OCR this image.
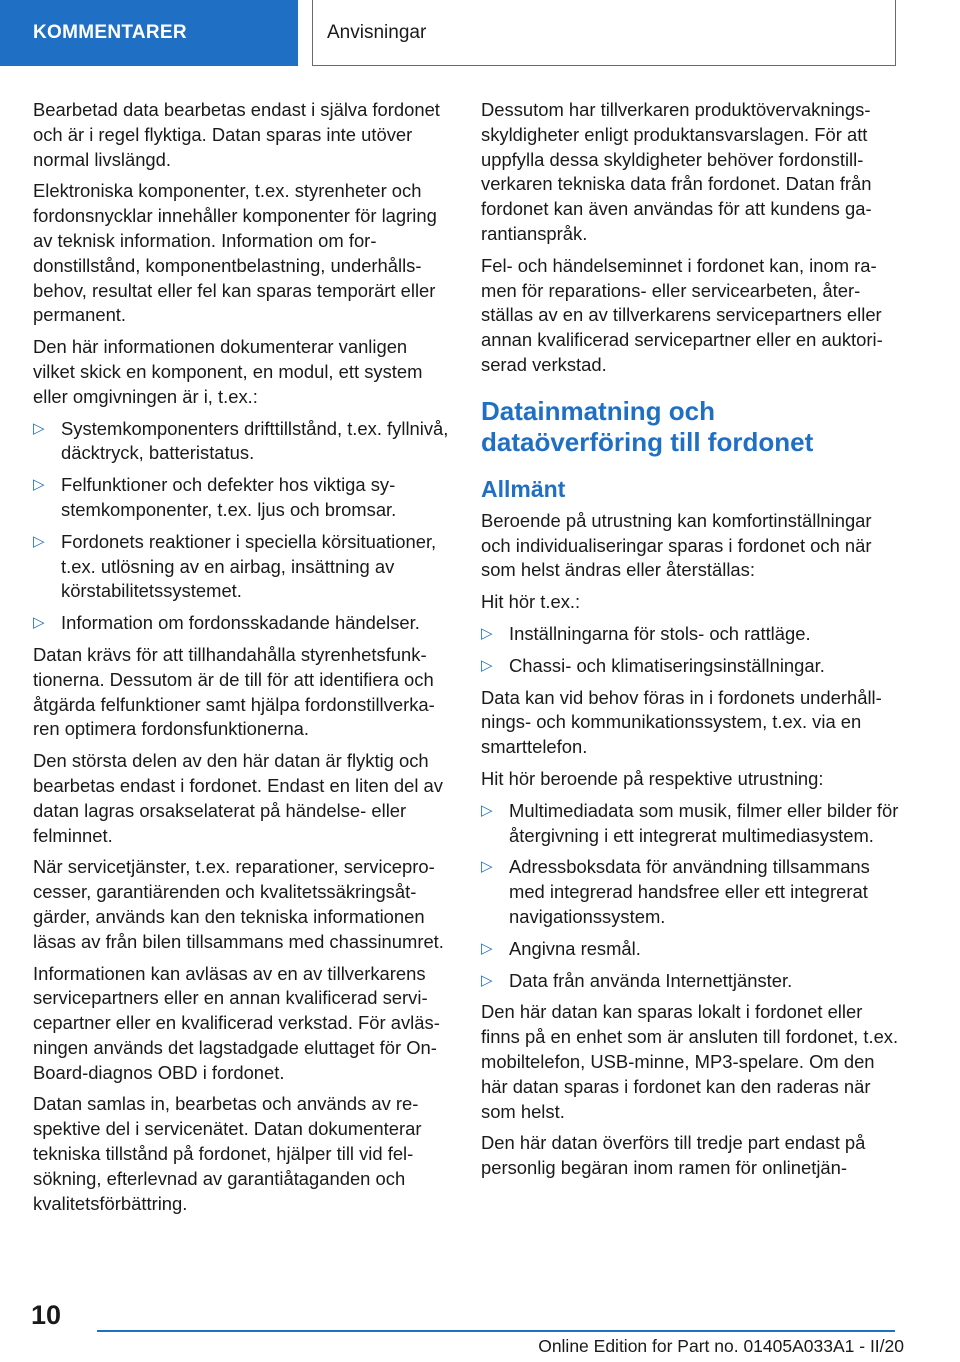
KOMMENTARER	Anvisningar

Bearbetad data bearbetas endast i själva fordonet och är i regel flyktiga. Datan sparas inte utöver normal livslängd.

Elektroniska komponenter, t.ex. styrenheter och fordonsnycklar innehåller komponenter för lagring av teknisk information. Information om fordonstillstånd, komponentbelastning, underhållsbehov, resultat eller fel kan sparas temporärt eller permanent.

Den här informationen dokumenterar vanligen vilket skick en komponent, en modul, ett system eller omgivningen är i, t.ex.:

▷ Systemkomponenters drifttillstånd, t.ex. fyllnivå, däcktryck, batteristatus.
▷ Felfunktioner och defekter hos viktiga systemkomponenter, t.ex. ljus och bromsar.
▷ Fordonets reaktioner i speciella körsituationer, t.ex. utlösning av en airbag, insättning av körstabilitetssystemet.
▷ Information om fordonsskadande händelser.

Datan krävs för att tillhandahålla styrenhetsfunktionerna. Dessutom är de till för att identifiera och åtgärda felfunktioner samt hjälpa fordonstillverkaren optimera fordonsfunktionerna.

Den största delen av den här datan är flyktig och bearbetas endast i fordonet. Endast en liten del av datan lagras orsakselaterat på händelse- eller felminnet.

När servicetjänster, t.ex. reparationer, serviceprocesser, garantiärenden och kvalitetssäkringsåtgärder, används kan den tekniska informationen läsas av från bilen tillsammans med chassinumret.

Informationen kan avläsas av en av tillverkarens servicepartners eller en annan kvalificerad servicepartner eller en kvalificerad verkstad. För avläsningen används det lagstadgade eluttaget för On-Board-diagnos OBD i fordonet.

Datan samlas in, bearbetas och används av respektive del i servicenätet. Datan dokumenterar tekniska tillstånd på fordonet, hjälper till vid felsökning, efterlevnad av garantiåtaganden och kvalitetsförbättring.

Dessutom har tillverkaren produktövervakningsskyldigheter enligt produktansvarslagen. För att uppfylla dessa skyldigheter behöver fordonstillverkaren tekniska data från fordonet. Datan från fordonet kan även användas för att kundens garantianspråk.

Fel- och händelseminnet i fordonet kan, inom ramen för reparations- eller servicearbeten, återställas av en av tillverkarens servicepartners eller annan kvalificerad servicepartner eller en auktoriserad verkstad.

Datainmatning och dataöverföring till fordonet
Allmänt

Beroende på utrustning kan komfortinställningar och individualiseringar sparas i fordonet och när som helst ändras eller återställas:

Hit hör t.ex.:

▷ Inställningarna för stols- och rattläge.
▷ Chassi- och klimatiseringsinställningar.

Data kan vid behov föras in i fordonets underhållnings- och kommunikationssystem, t.ex. via en smarttelefon.

Hit hör beroende på respektive utrustning:

▷ Multimediadata som musik, filmer eller bilder för återgivning i ett integrerat multimediasystem.
▷ Adressboksdata för användning tillsammans med integrerad handsfree eller ett integrerat navigationssystem.
▷ Angivna resmål.
▷ Data från använda Internettjänster.

Den här datan kan sparas lokalt i fordonet eller finns på en enhet som är ansluten till fordonet, t.ex. mobiltelefon, USB-minne, MP3-spelare. Om den här datan sparas i fordonet kan den raderas när som helst.

Den här datan överförs till tredje part endast på personlig begäran inom ramen för onlinetjän-

10
Online Edition for Part no. 01405A033A1 - II/20
